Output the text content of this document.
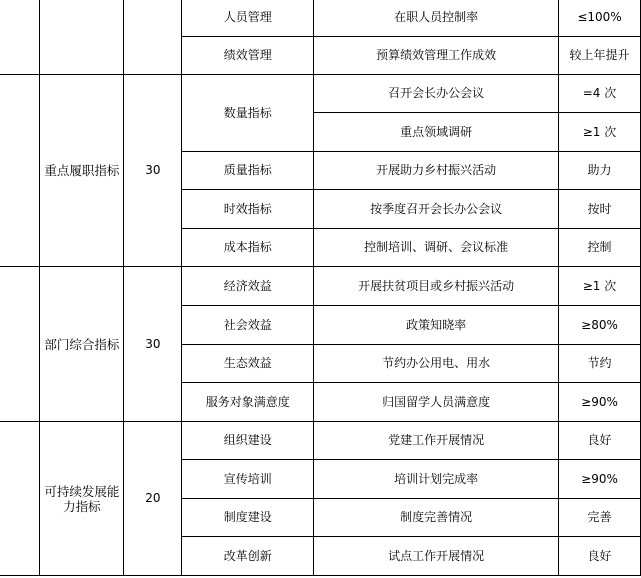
			人员管理	在职人员控制率	≤100%
			绩效管理	预算绩效管理工作成效	较上年提升
	重点履职指标	30	数量指标	召开会长办公会议	=4 次
				重点领域调研	≥1 次
			质量指标	开展助力乡村振兴活动	助力
			时效指标	按季度召开会长办公会议	按时
			成本指标	控制培训、调研、会议标准	控制
	部门综合指标	30	经济效益	开展扶贫项目或乡村振兴活动	≥1 次
			社会效益	政策知晓率	≥80%
			生态效益	节约办公用电、用水	节约
			服务对象满意度	归国留学人员满意度	≥90%
	可持续发展能力指标	20	组织建设	党建工作开展情况	良好
			宣传培训	培训计划完成率	≥90%
			制度建设	制度完善情况	完善
			改革创新	试点工作开展情况	良好
